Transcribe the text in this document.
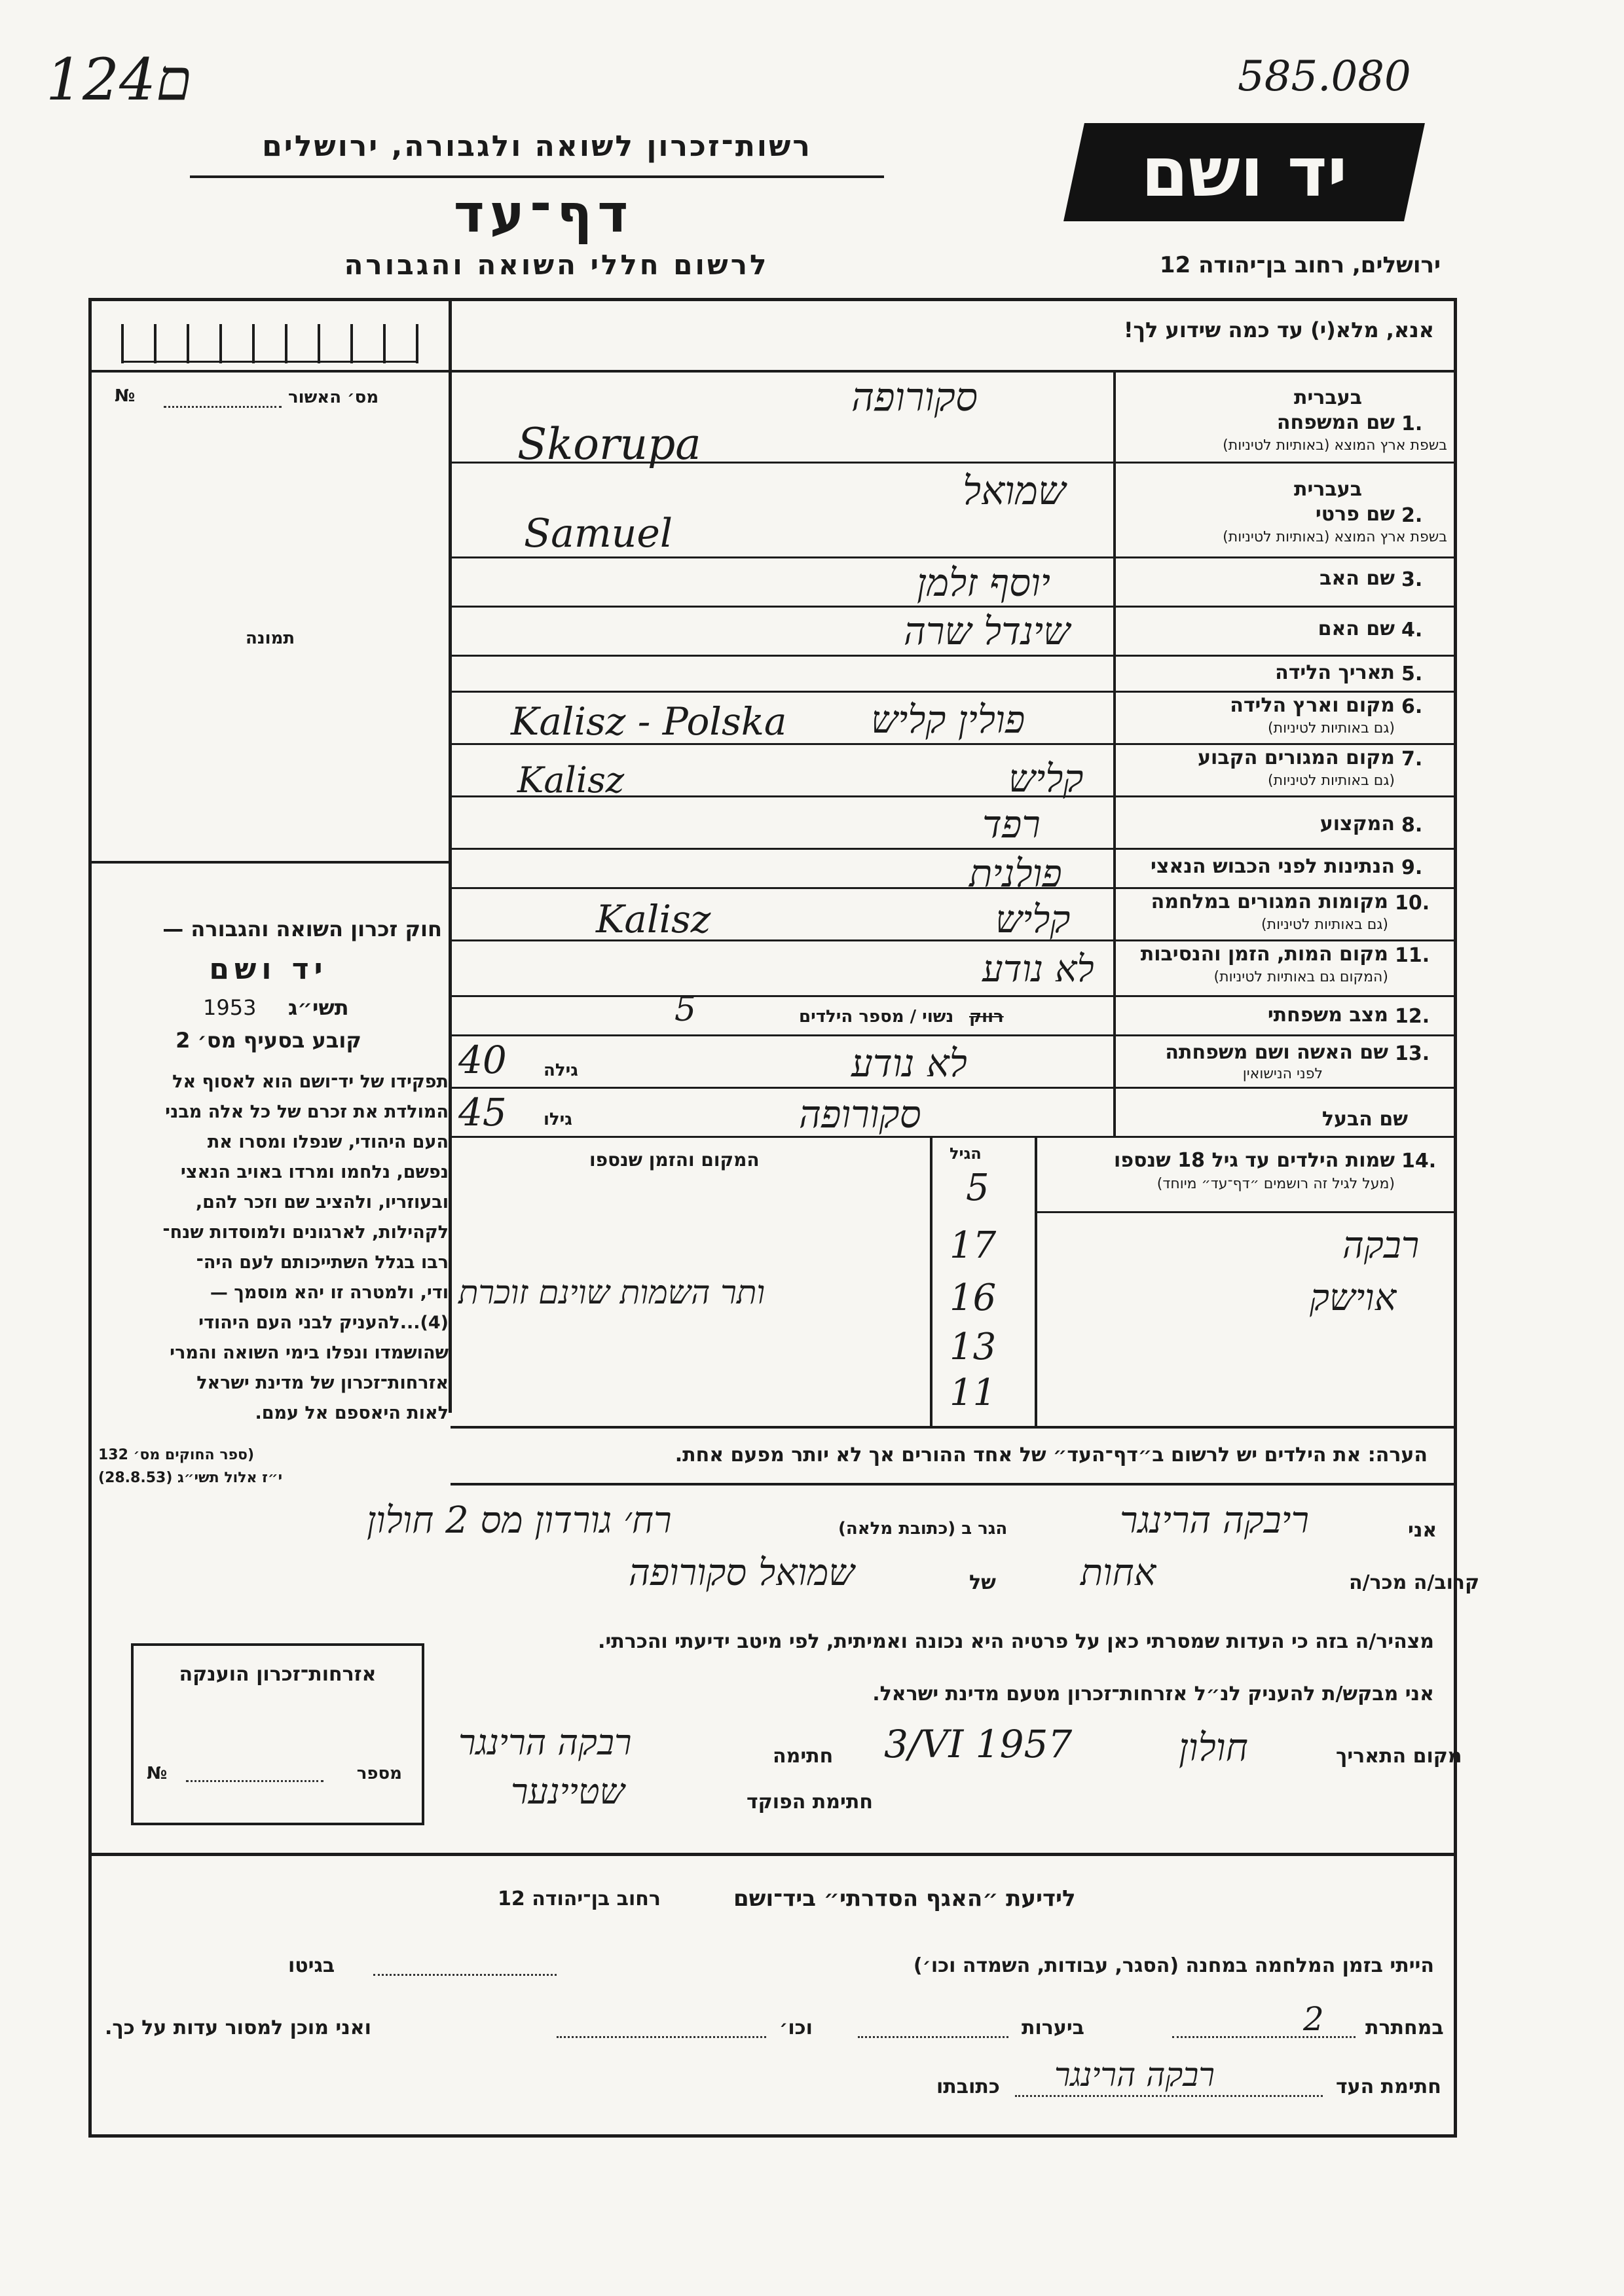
124ם	585.080
רשות־זכרון לשואה ולגבורה, ירושלים
דף־עד
לרשום חללי השואה והגבורה
יד ושם
ירושלים, רחוב בן־יהודה 12
אנא, מלא(י) עד כמה שידוע לך!
מס׳ האשור
№
תמונה
חוק זכרון השואה והגבורה —
יד ושם
1953 תשי״ג
קובע בסעיף מס׳ 2
תפקידו של יד־ושם הוא לאסוף אל
המולדת את זכרם של כל אלה מבני
העם היהודי, שנפלו ומסרו את
נפשם, נלחמו ומרדו באויב הנאצי
ובעוזריו, ולהציב שם וזכר להם,
לקהילות, לארגונים ולמוסדות שנח־
רבו בגלל השתייכותם לעם היה־
ודי, ולמטרה זו יהא מוסמך —
(4)...להעניק לבני העם היהודי
שהושמדו ונפלו בימי השואה והמרי
אזרחות־זכרון של מדינת ישראל
לאות היאספם אל עמם.
(ספר החוקים מס׳ 132
י״ז אלול תשי״ג (28.8.53)
בעברית
1.
שם המשפחה
בשפת ארץ המוצא (באותיות לטיניות)
סקורופה
Skorupa
בעברית
2.
שם פרטי
בשפת ארץ המוצא (באותיות לטיניות)
שמואל
Samuel
3.
שם האב
יוסף זלמן
4.
שם האם
שינדל שרה
5.
תאריך הלידה
6.
מקום וארץ הלידה
(גם באותיות לטיניות)
פולין קליש
Kalisz - Polska
7.
מקום המגורים הקבוע
(גם באותיות לטיניות)
קליש
Kalisz
8.
המקצוע
רפד
9.
הנתינות לפני הכבוש הנאצי
פולנית
10.
מקומות המגורים במלחמה
(גם באותיות לטיניות)
קליש
Kalisz
11.
מקום המות, הזמן והנסיבות
(המקום גם באותיות לטיניות)
לא נודע
12.
מצב משפחתי
נשוי / מספר הילדים רווק
5
13.
שם האשה ושם משפחתה
לפני הנישואין
לא נודע
גילה
40
שם הבעל
סקורופה
גילו
45
14.
שמות הילדים עד גיל 18 שנספו
(מעל לגיל זה רושמים ״דף־עד״ מיוחד)
הגיל
המקום והזמן שנספו
5
רבקה
17
אוישק
16
ותר השמות שוינם זוכרת
13
11
הערה: את הילדים יש לרשום ב״דף־העד״ של אחד ההורים אך לא יותר מפעם אחת.
אני
ריבקה הרינגר
הגר ב (כתובת מלאה)
רח׳ גורדון מס 2 חולון
קרוב/ה מכר/ה
אחות
של
שמואל סקורופה
מצהיר/ה בזה כי העדות שמסרתי כאן על פרטיה היא נכונה ואמיתית, לפי מיטב ידיעתי והכרתי.
אני מבקש/ת להעניק לנ״ל אזרחות־זכרון מטעם מדינת ישראל.
מקום התאריך
חולון
3/VI 1957
חתימה
רבקה הרינגר
חתימת הפוקד
שטיינער
אזרחות־זכרון הוענקה
מספר
№
לידיעת ״האגף הסדרתי״ ביד־ושם
רחוב בן־יהודה 12
הייתי בזמן המלחמה במחנה (הסגר, עבודות, השמדה וכו׳)
בגיטו
במחתרת
2
ביערות
וכו׳
ואני מוכן למסור עדות על כך.
חתימת העד
רבקה הרינגר
כתובתו
